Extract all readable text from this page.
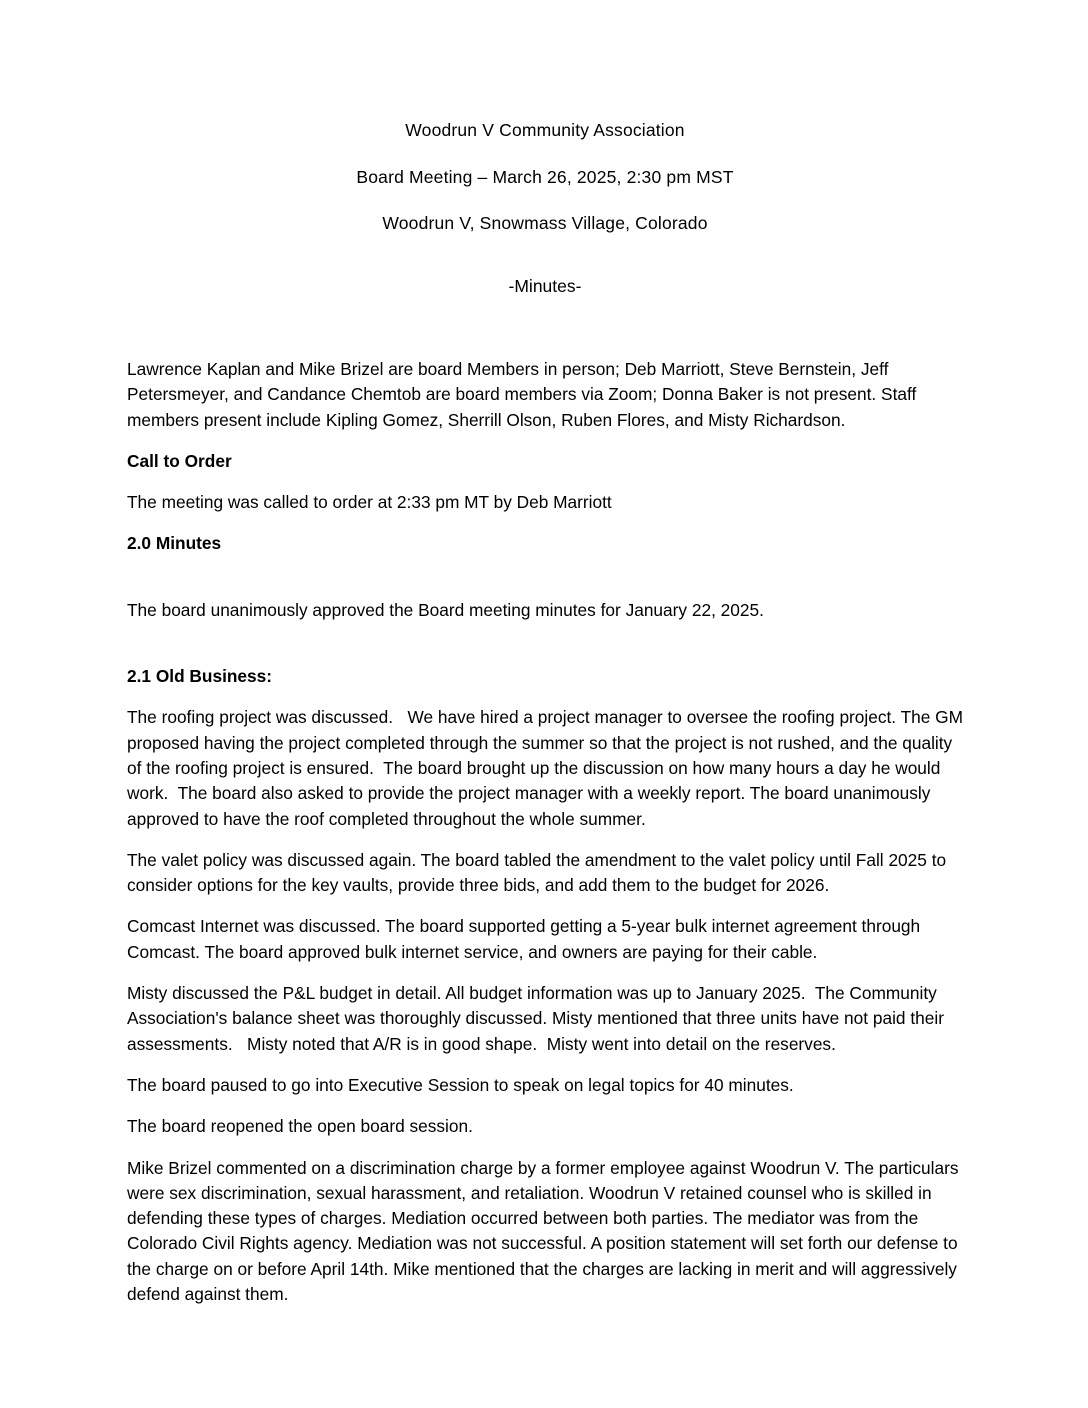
Woodrun V Community Association
Board Meeting – March 26, 2025, 2:30 pm MST
Woodrun V, Snowmass Village, Colorado
-Minutes-

Lawrence Kaplan and Mike Brizel are board Members in person; Deb Marriott, Steve Bernstein, Jeff Petersmeyer, and Candance Chemtob are board members via Zoom; Donna Baker is not present. Staff members present include Kipling Gomez, Sherrill Olson, Ruben Flores, and Misty Richardson.

Call to Order

The meeting was called to order at 2:33 pm MT by Deb Marriott

2.0 Minutes

The board unanimously approved the Board meeting minutes for January 22, 2025.

2.1 Old Business:

The roofing project was discussed.   We have hired a project manager to oversee the roofing project. The GM proposed having the project completed through the summer so that the project is not rushed, and the quality of the roofing project is ensured.  The board brought up the discussion on how many hours a day he would work.  The board also asked to provide the project manager with a weekly report. The board unanimously approved to have the roof completed throughout the whole summer.

The valet policy was discussed again. The board tabled the amendment to the valet policy until Fall 2025 to consider options for the key vaults, provide three bids, and add them to the budget for 2026.

Comcast Internet was discussed. The board supported getting a 5-year bulk internet agreement through Comcast. The board approved bulk internet service, and owners are paying for their cable.

Misty discussed the P&L budget in detail. All budget information was up to January 2025.  The Community Association's balance sheet was thoroughly discussed. Misty mentioned that three units have not paid their assessments.   Misty noted that A/R is in good shape.  Misty went into detail on the reserves.

The board paused to go into Executive Session to speak on legal topics for 40 minutes.

The board reopened the open board session.

Mike Brizel commented on a discrimination charge by a former employee against Woodrun V. The particulars were sex discrimination, sexual harassment, and retaliation. Woodrun V retained counsel who is skilled in defending these types of charges. Mediation occurred between both parties. The mediator was from the Colorado Civil Rights agency. Mediation was not successful. A position statement will set forth our defense to the charge on or before April 14th. Mike mentioned that the charges are lacking in merit and will aggressively defend against them.
